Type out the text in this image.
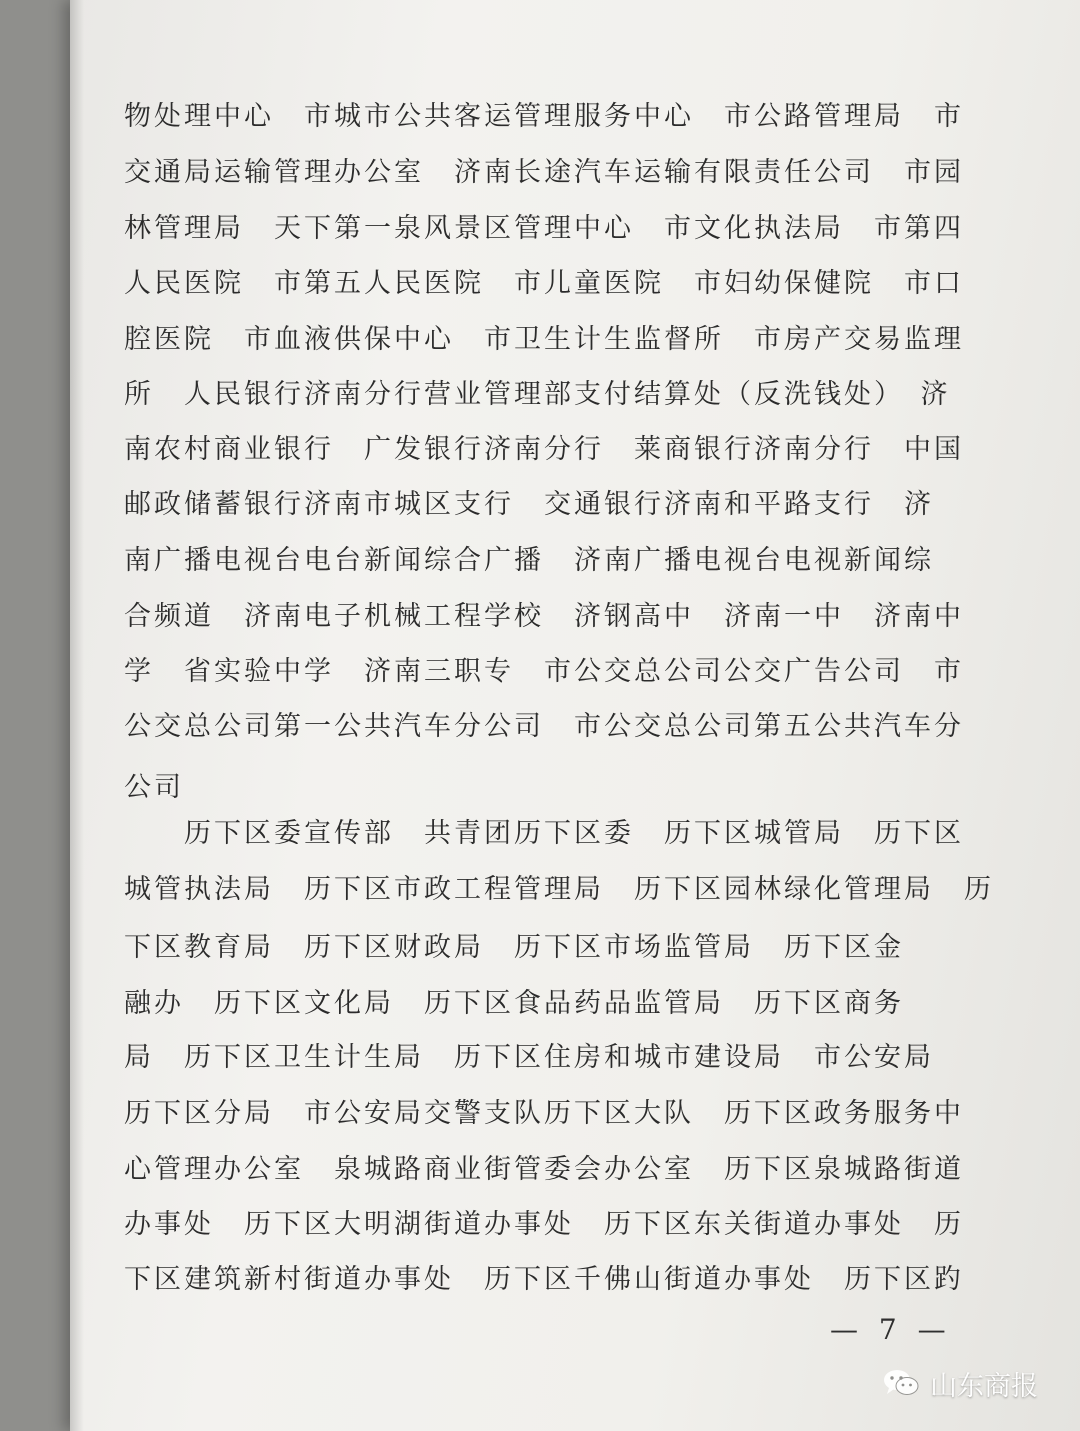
物处理中心　市城市公共客运管理服务中心　市公路管理局　市
交通局运输管理办公室　济南长途汽车运输有限责任公司　市园
林管理局　天下第一泉风景区管理中心　市文化执法局　市第四
人民医院　市第五人民医院　市儿童医院　市妇幼保健院　市口
腔医院　市血液供保中心　市卫生计生监督所　市房产交易监理
所　人民银行济南分行营业管理部支付结算处（反洗钱处）　济
南农村商业银行　广发银行济南分行　莱商银行济南分行　中国
邮政储蓄银行济南市城区支行　交通银行济南和平路支行　济
南广播电视台电台新闻综合广播　济南广播电视台电视新闻综
合频道　济南电子机械工程学校　济钢高中　济南一中　济南中
学　省实验中学　济南三职专　市公交总公司公交广告公司　市
公交总公司第一公共汽车分公司　市公交总公司第五公共汽车分
公司
　　历下区委宣传部　共青团历下区委　历下区城管局　历下区
城管执法局　历下区市政工程管理局　历下区园林绿化管理局　历
下区教育局　历下区财政局　历下区市场监管局　历下区金
融办　历下区文化局　历下区食品药品监管局　历下区商务
局　历下区卫生计生局　历下区住房和城市建设局　市公安局
历下区分局　市公安局交警支队历下区大队　历下区政务服务中
心管理办公室　泉城路商业街管委会办公室　历下区泉城路街道
办事处　历下区大明湖街道办事处　历下区东关街道办事处　历
下区建筑新村街道办事处　历下区千佛山街道办事处　历下区趵
— 7 —
山东商报
